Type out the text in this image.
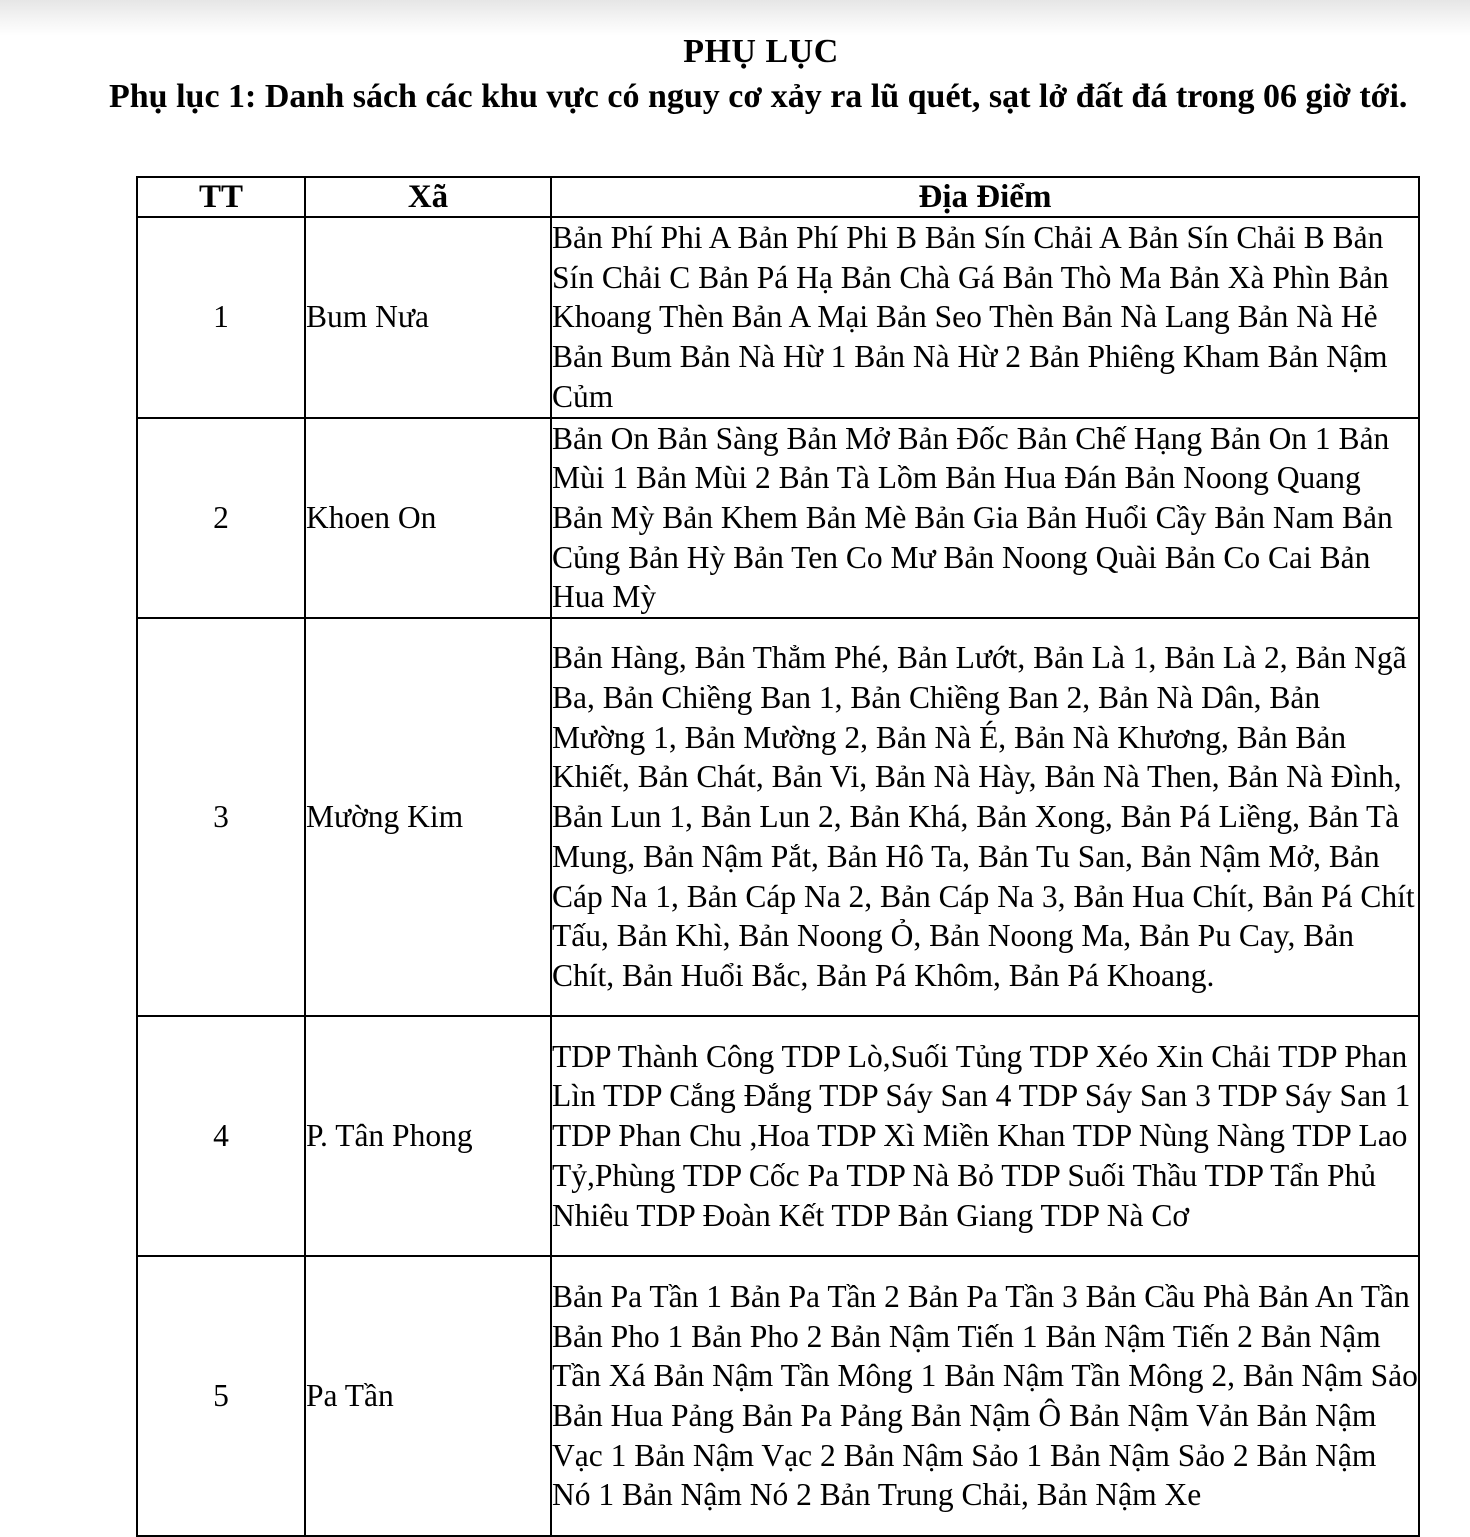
PHỤ LỤC
Phụ lục 1: Danh sách các khu vực có nguy cơ xảy ra lũ quét, sạt lở đất đá trong 06 giờ tới.
TT	Xã	Địa Điểm
1	Bum Nưa	Bản Phí Phi A Bản Phí Phi B Bản Sín Chải A Bản Sín Chải B Bản Sín Chải C Bản Pá Hạ Bản Chà Gá Bản Thò Ma Bản Xà Phìn Bản Khoang Thèn Bản A Mại Bản Seo Thèn Bản Nà Lang Bản Nà Hẻ Bản Bum Bản Nà Hừ 1 Bản Nà Hừ 2 Bản Phiêng Kham Bản Nậm Củm
2	Khoen On	Bản On Bản Sàng Bản Mở Bản Đốc Bản Chế Hạng Bản On 1 Bản Mùi 1 Bản Mùi 2 Bản Tà Lồm Bản Hua Đán Bản Noong Quang Bản Mỳ Bản Khem Bản Mè Bản Gia Bản Huổi Cầy Bản Nam Bản Củng Bản Hỳ Bản Ten Co Mư Bản Noong Quài Bản Co Cai Bản Hua Mỳ
3	Mường Kim	Bản Hàng, Bản Thẳm Phé, Bản Lướt, Bản Là 1, Bản Là 2, Bản Ngã Ba, Bản Chiềng Ban 1, Bản Chiềng Ban 2, Bản Nà Dân, Bản Mường 1, Bản Mường 2, Bản Nà É, Bản Nà Khương, Bản Bản Khiết, Bản Chát, Bản Vi, Bản Nà Hày, Bản Nà Then, Bản Nà Đình, Bản Lun 1, Bản Lun 2, Bản Khá, Bản Xong, Bản Pá Liềng, Bản Tà Mung, Bản Nậm Pắt, Bản Hô Ta, Bản Tu San, Bản Nậm Mở, Bản Cáp Na 1, Bản Cáp Na 2, Bản Cáp Na 3, Bản Hua Chít, Bản Pá Chít Tấu, Bản Khì, Bản Noong Ỏ, Bản Noong Ma, Bản Pu Cay, Bản Chít, Bản Huổi Bắc, Bản Pá Khôm, Bản Pá Khoang.
4	P. Tân Phong	TDP Thành Công TDP Lò,Suối Tủng TDP Xéo Xin Chải TDP Phan Lìn TDP Cắng Đắng TDP Sáy San 4 TDP Sáy San 3 TDP Sáy San 1 TDP Phan Chu ,Hoa TDP Xì Miền Khan TDP Nùng Nàng TDP Lao Tỷ,Phùng TDP Cốc Pa TDP Nà Bỏ TDP Suối Thầu TDP Tẩn Phủ Nhiêu TDP Đoàn Kết TDP Bản Giang TDP Nà Cơ
5	Pa Tần	Bản Pa Tần 1 Bản Pa Tần 2 Bản Pa Tần 3 Bản Cầu Phà Bản An Tần Bản Pho 1 Bản Pho 2 Bản Nậm Tiến 1 Bản Nậm Tiến 2 Bản Nậm Tần Xá Bản Nậm Tần Mông 1 Bản Nậm Tần Mông 2, Bản Nậm Sảo Bản Hua Pảng Bản Pa Pảng Bản Nậm Ô Bản Nậm Vản Bản Nậm Vạc 1 Bản Nậm Vạc 2 Bản Nậm Sảo 1 Bản Nậm Sảo 2 Bản Nậm Nó 1 Bản Nậm Nó 2 Bản Trung Chải, Bản Nậm Xe
